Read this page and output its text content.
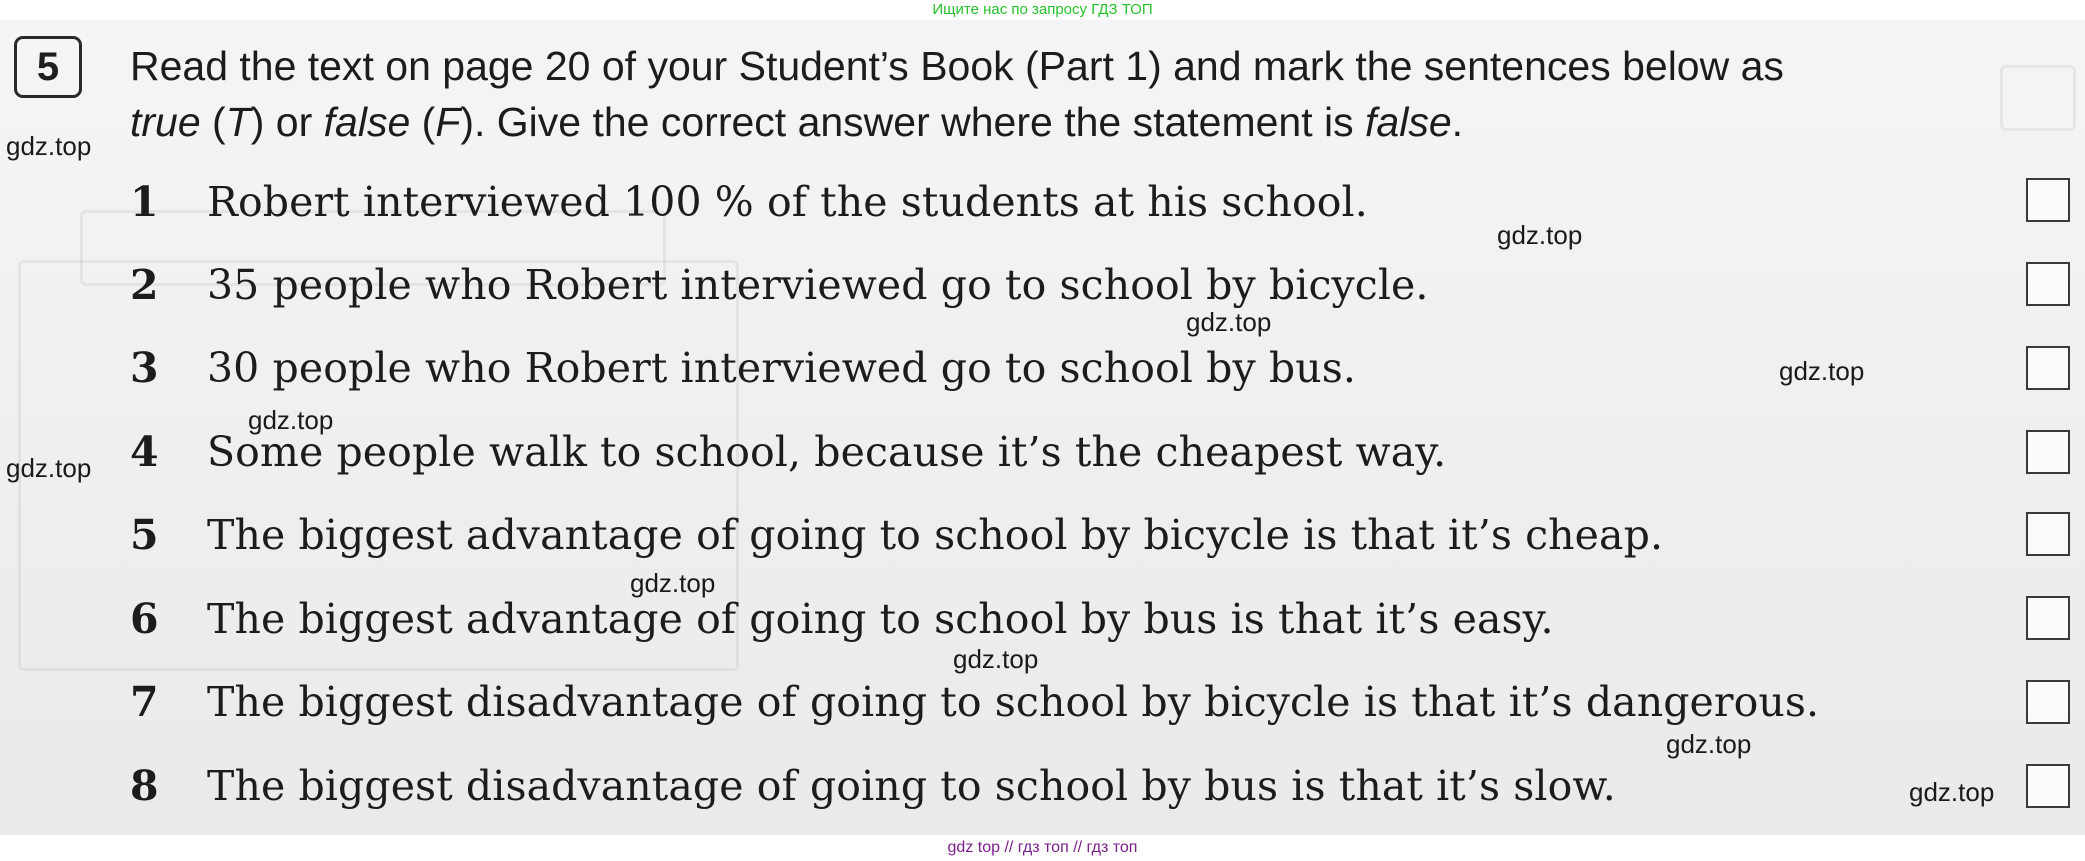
Ищите нас по запросу ГДЗ ТОП
5	Read the text on page 20 of your Student’s Book (Part 1) and mark the sentences below as
true (T) or false (F). Give the correct answer where the statement is false.
1	Robert interviewed 100 % of the students at his school.
2	35 people who Robert interviewed go to school by bicycle.
3	30 people who Robert interviewed go to school by bus.
4	Some people walk to school, because it’s the cheapest way.
5	The biggest advantage of going to school by bicycle is that it’s cheap.
6	The biggest advantage of going to school by bus is that it’s easy.
7	The biggest disadvantage of going to school by bicycle is that it’s dangerous.
8	The biggest disadvantage of going to school by bus is that it’s slow.
gdz.top
gdz.top
gdz.top
gdz.top
gdz.top
gdz.top
gdz.top
gdz.top
gdz.top
gdz.top
gdz top // гдз топ // гдз топ
